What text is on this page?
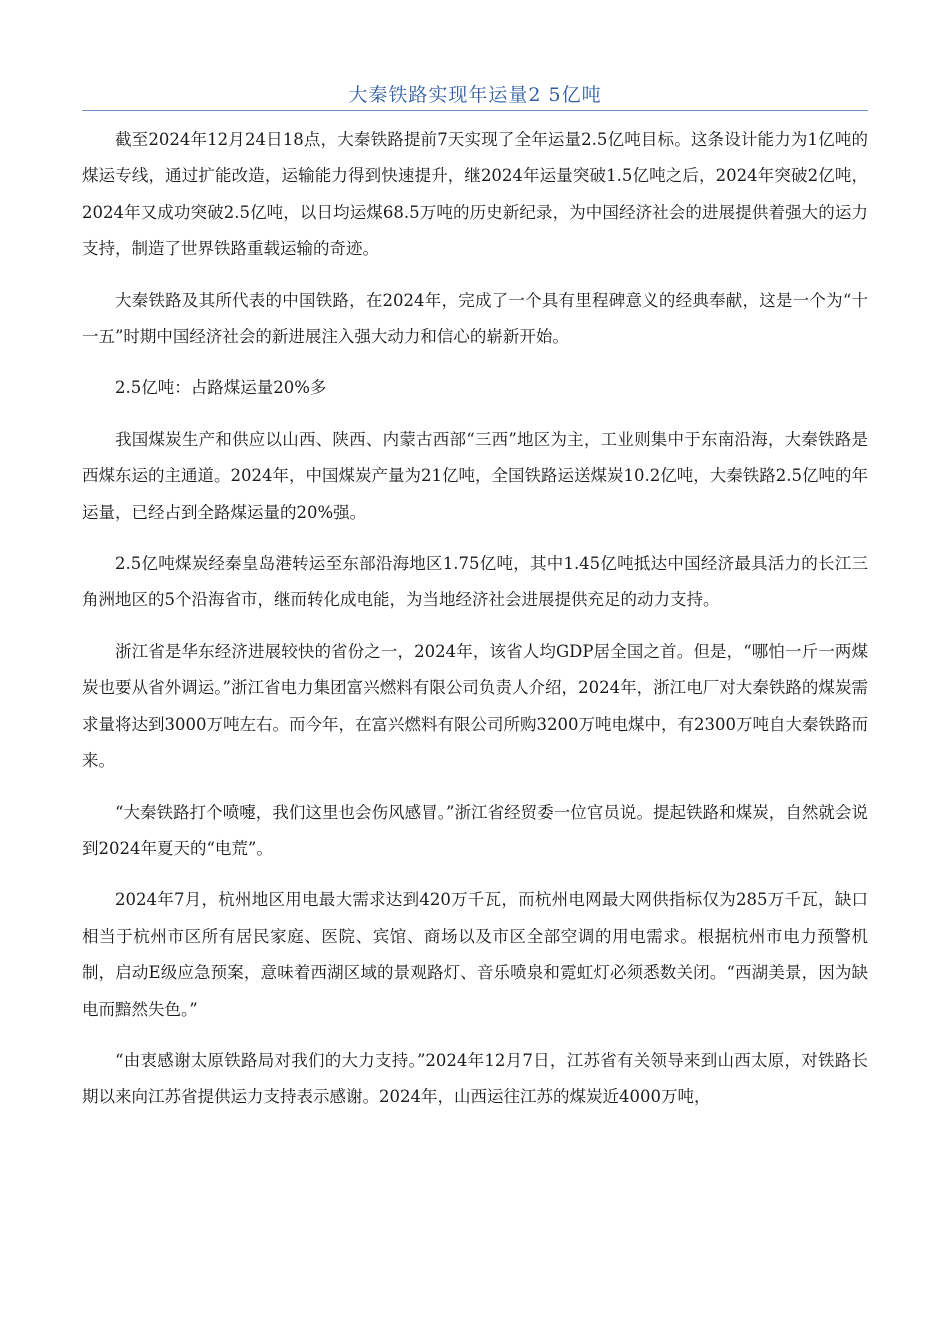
大秦铁路实现年运量2 5亿吨

截至2024年12月24日18点，大秦铁路提前7天实现了全年运量2.5亿吨目标。这条设计能力为1亿吨的煤运专线，通过扩能改造，运输能力得到快速提升，继2024年运量突破1.5亿吨之后，2024年突破2亿吨，2024年又成功突破2.5亿吨，以日均运煤68.5万吨的历史新纪录，为中国经济社会的进展提供着强大的运力支持，制造了世界铁路重载运输的奇迹。

大秦铁路及其所代表的中国铁路，在2024年，完成了一个具有里程碑意义的经典奉献，这是一个为“十一五”时期中国经济社会的新进展注入强大动力和信心的崭新开始。

2.5亿吨：占路煤运量20%多

我国煤炭生产和供应以山西、陕西、内蒙古西部“三西”地区为主，工业则集中于东南沿海，大秦铁路是西煤东运的主通道。2024年，中国煤炭产量为21亿吨，全国铁路运送煤炭10.2亿吨，大秦铁路2.5亿吨的年运量，已经占到全路煤运量的20%强。

2.5亿吨煤炭经秦皇岛港转运至东部沿海地区1.75亿吨，其中1.45亿吨抵达中国经济最具活力的长江三角洲地区的5个沿海省市，继而转化成电能，为当地经济社会进展提供充足的动力支持。

浙江省是华东经济进展较快的省份之一，2024年，该省人均GDP居全国之首。但是，“哪怕一斤一两煤炭也要从省外调运。”浙江省电力集团富兴燃料有限公司负责人介绍，2024年，浙江电厂对大秦铁路的煤炭需求量将达到3000万吨左右。而今年，在富兴燃料有限公司所购3200万吨电煤中，有2300万吨自大秦铁路而来。

“大秦铁路打个喷嚏，我们这里也会伤风感冒。”浙江省经贸委一位官员说。提起铁路和煤炭，自然就会说到2024年夏天的“电荒”。

2024年7月，杭州地区用电最大需求达到420万千瓦，而杭州电网最大网供指标仅为285万千瓦，缺口相当于杭州市区所有居民家庭、医院、宾馆、商场以及市区全部空调的用电需求。根据杭州市电力预警机制，启动E级应急预案，意味着西湖区域的景观路灯、音乐喷泉和霓虹灯必须悉数关闭。“西湖美景，因为缺电而黯然失色。”

“由衷感谢太原铁路局对我们的大力支持。”2024年12月7日，江苏省有关领导来到山西太原，对铁路长期以来向江苏省提供运力支持表示感谢。2024年，山西运往江苏的煤炭近4000万吨，
